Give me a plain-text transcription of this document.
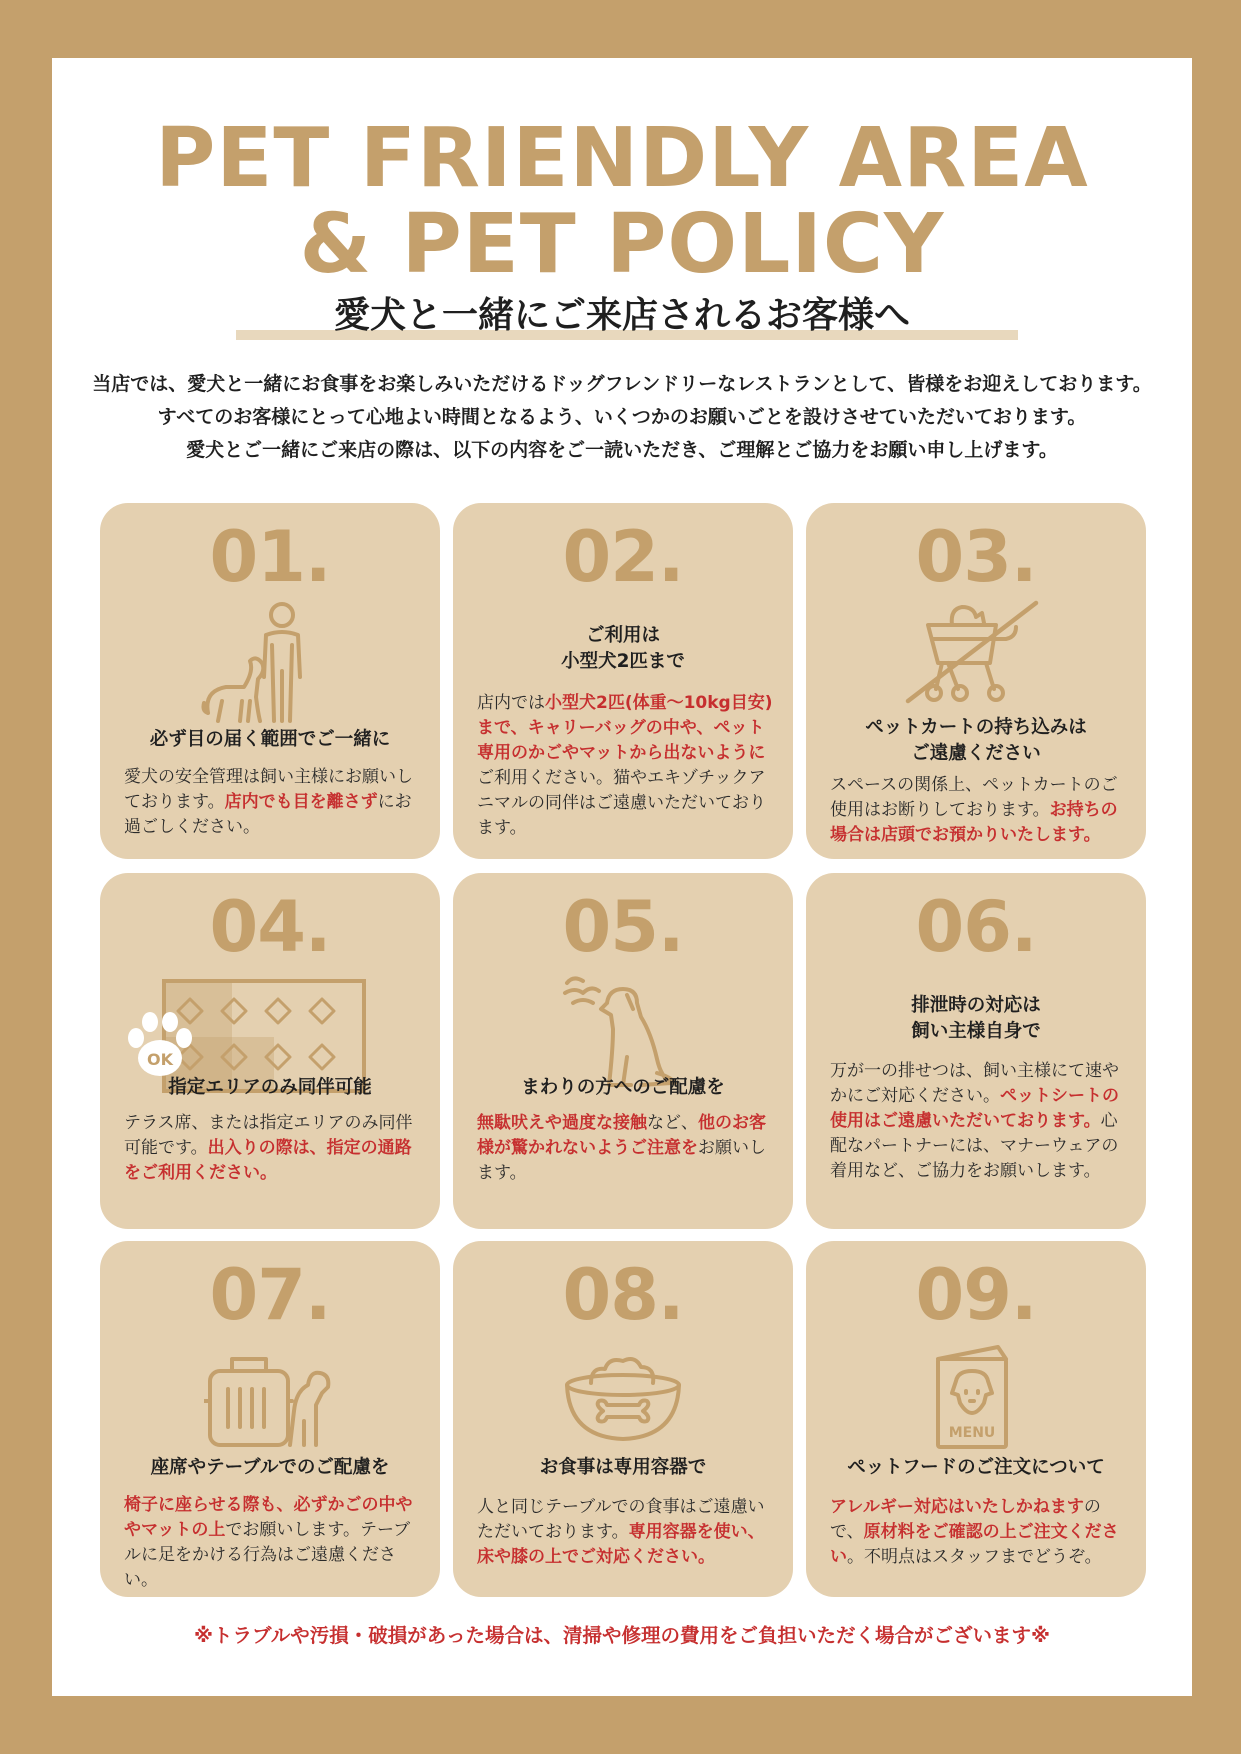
PET FRIENDLY AREA
& PET POLICY
愛犬と一緒にご来店されるお客様へ

当店では、愛犬と一緒にお食事をお楽しみいただけるドッグフレンドリーなレストランとして、皆様をお迎えしております。

すべてのお客様にとって心地よい時間となるよう、いくつかのお願いごとを設けさせていただいております。

愛犬とご一緒にご来店の際は、以下の内容をご一読いただき、ご理解とご協力をお願い申し上げます。

01.
必ず目の届く範囲でご一緒に
愛犬の安全管理は飼い主様にお願いしております。店内でも目を離さずにお過ごしください。
02.
ご利用は
小型犬2匹まで
店内では小型犬2匹(体重〜10kg目安)まで、キャリーバッグの中や、ペット専用のかごやマットから出ないようにご利用ください。猫やエキゾチックアニマルの同伴はご遠慮いただいております。
03.
ペットカートの持ち込みは
ご遠慮ください
スペースの関係上、ペットカートのご使用はお断りしております。お持ちの場合は店頭でお預かりいたします。
04.
OK
指定エリアのみ同伴可能
テラス席、または指定エリアのみ同伴可能です。出入りの際は、指定の通路をご利用ください。
05.
まわりの方へのご配慮を
無駄吠えや過度な接触など、他のお客様が驚かれないようご注意をお願いします。
06.
排泄時の対応は
飼い主様自身で
万が一の排せつは、飼い主様にて速やかにご対応ください。ペットシートの使用はご遠慮いただいております。心配なパートナーには、マナーウェアの着用など、ご協力をお願いします。
07.
座席やテーブルでのご配慮を
椅子に座らせる際も、必ずかごの中ややマットの上でお願いします。テーブルに足をかける行為はご遠慮ください。
08.
お食事は専用容器で
人と同じテーブルでの食事はご遠慮いただいております。専用容器を使い、床や膝の上でご対応ください。
09.
MENU
ペットフードのご注文について
アレルギー対応はいたしかねますので、原材料をご確認の上ご注文ください。不明点はスタッフまでどうぞ。
※トラブルや汚損・破損があった場合は、清掃や修理の費用をご負担いただく場合がございます※
